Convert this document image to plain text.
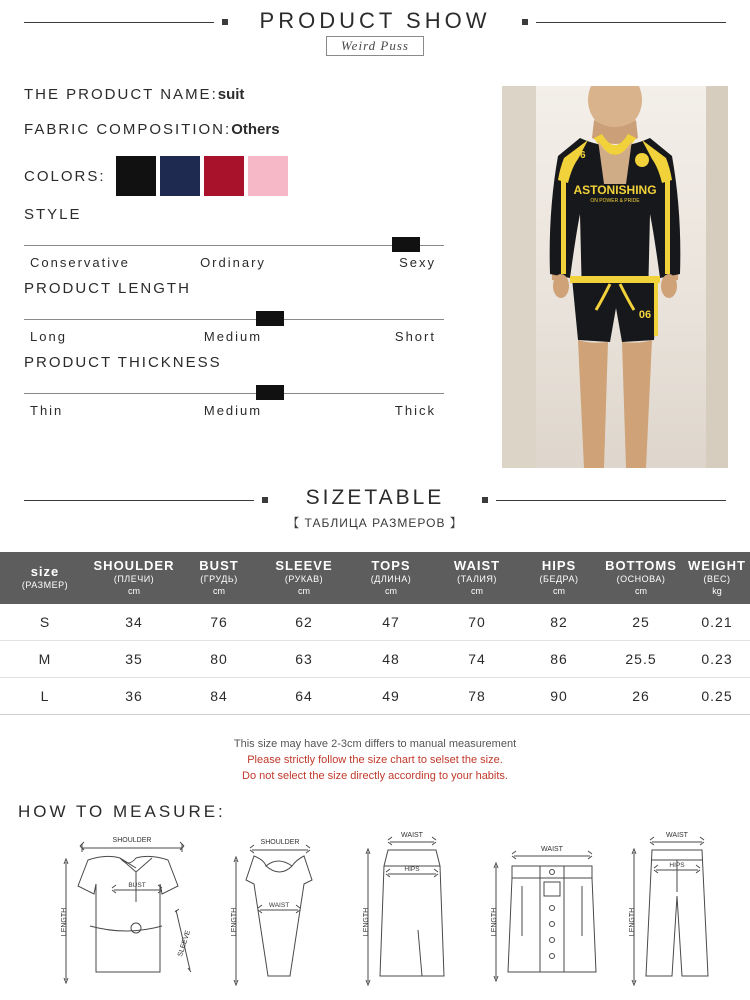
PRODUCT SHOW
Weird Puss
THE PRODUCT NAME:suit
FABRIC COMPOSITION:Others
COLORS:
STYLE
Conservative	Ordinary	Sexy
PRODUCT LENGTH
Long	Medium	Short
PRODUCT THICKNESS
Thin	Medium	Thick
ASTONISHING
ON POWER & PRIDE
06
06
SIZETABLE
【 ТАБЛИЦА РАЗМЕРОВ 】
size
(РАЗМЕР)

SHOULDER
(ПЛЕЧИ)
cm

BUST
(ГРУДЬ)
cm

SLEEVE
(РУКАВ)
cm

TOPS
(ДЛИНА)
cm

WAIST
(ТАЛИЯ)
cm

HIPS
(БЕДРА)
cm

BOTTOMS
(ОСНОВА)
cm

WEIGHT
(ВЕС)
kg

S	34	76	62	47	70	82	25	0.21
M	35	80	63	48	74	86	25.5	0.23
L	36	84	64	49	78	90	26	0.25
This size may have 2-3cm differs to manual measurement
Please strictly follow the size chart to selset the size.
Do not select the size directly according to your habits.
HOW TO MEASURE:
SHOULDER
BUST
LENGTH
SLEEVE
SHOULDER
WAIST
LENGTH
WAIST
HIPS
LENGTH
WAIST
LENGTH
WAIST
HIPS
LENGTH
